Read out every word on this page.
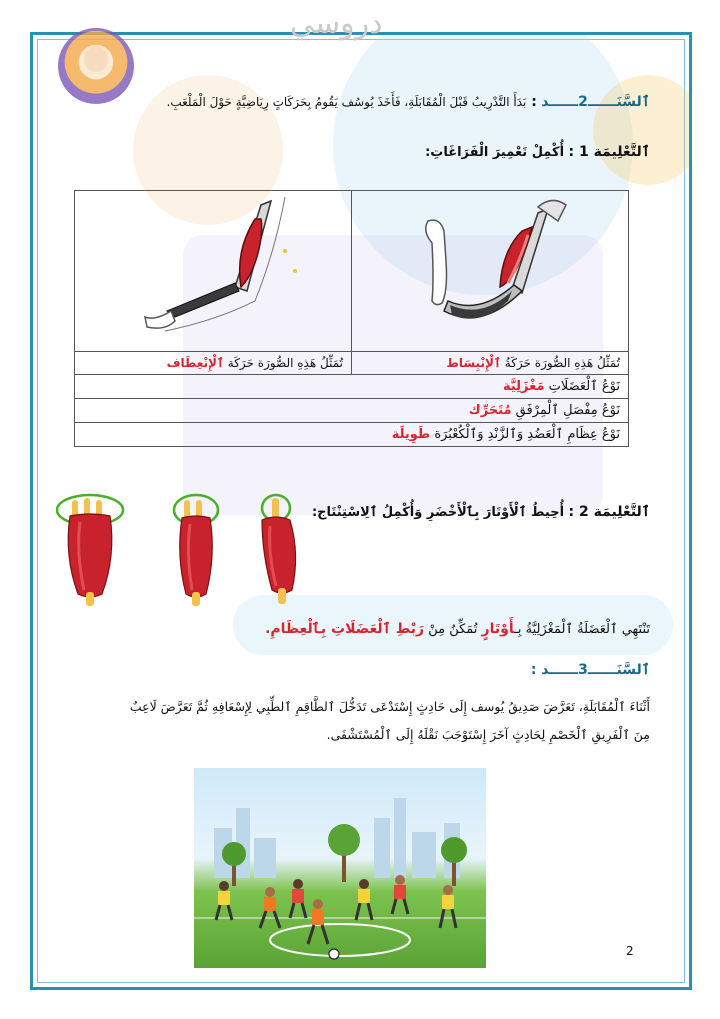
دروسي
ٱلسَّنَــــــ2ــــــد : بَدَأَ التَّدْرِيبُ قَبْلَ الْمُقَابَلَةِ، فَأَخَذَ يُوسُف يَقُومُ بِحَرَكَاتٍ رِيَاضِيَّةٍ حَوْلَ الْمَلْعَبِ.
ٱلتَّعْلِيمَة 1 : أُكْمِلْ تَعْمِيرَ الْفَرَاغَاتِ:

تُمَثِّلُ هَذِهِ الصُّورَة حَرَكَةُ ٱلْإِنْبِسَاط	تُمَثِّلُ هَذِهِ الصُّورَة حَرَكَة ٱلْإِنْعِطَاف
نَوْعُ ٱلْعَضَلَاتِ مَغْزَلِيَّة	
نَوْعُ مِفْصَلِ ٱلْمِرْفَقِ مُتَحَرِّك	
نَوْعُ عِظَامِ ٱلْعَضُدِ وَٱلزَّنْدِ وَٱلْكُعْبُرَة طَوِيلَة	
ٱلتَّعْلِيمَة 2 : أُحِيطُ ٱلْأَوْتَارَ بِٱلْأَخْضَرِ وَأُكْمِلُ ٱلِاسْتِنْتَاج:
تَنْتَهِي ٱلْعَضَلَةُ ٱلْمَغْزَلِيَّةُ بِـأَوْتَارٍ تُمَكِّنُ مِنْ رَبْطِ ٱلْعَضَلَاتِ بِٱلْعِظَامِ.
ٱلسَّنَــــــ3ــــــد :
أَثْنَاءَ ٱلْمُقَابَلَةِ، تَعَرَّضَ صَدِيقُ يُوسف إِلَى حَادِثٍ إِسْتَدْعَى تَدَخُّلَ ٱلطَّاقِمِ ٱلطِّبِي لِإِسْعَافِهِ ثُمَّ تَعَرَّضَ لَاعِبٌ
مِنَ ٱلْفَرِيقِ ٱلْخَصْمِ لِحَادِثٍ آخَرَ إِسْتَوْجَبَ نَقْلَهُ إِلَى ٱلْمُسْتَشْفَى.
2
